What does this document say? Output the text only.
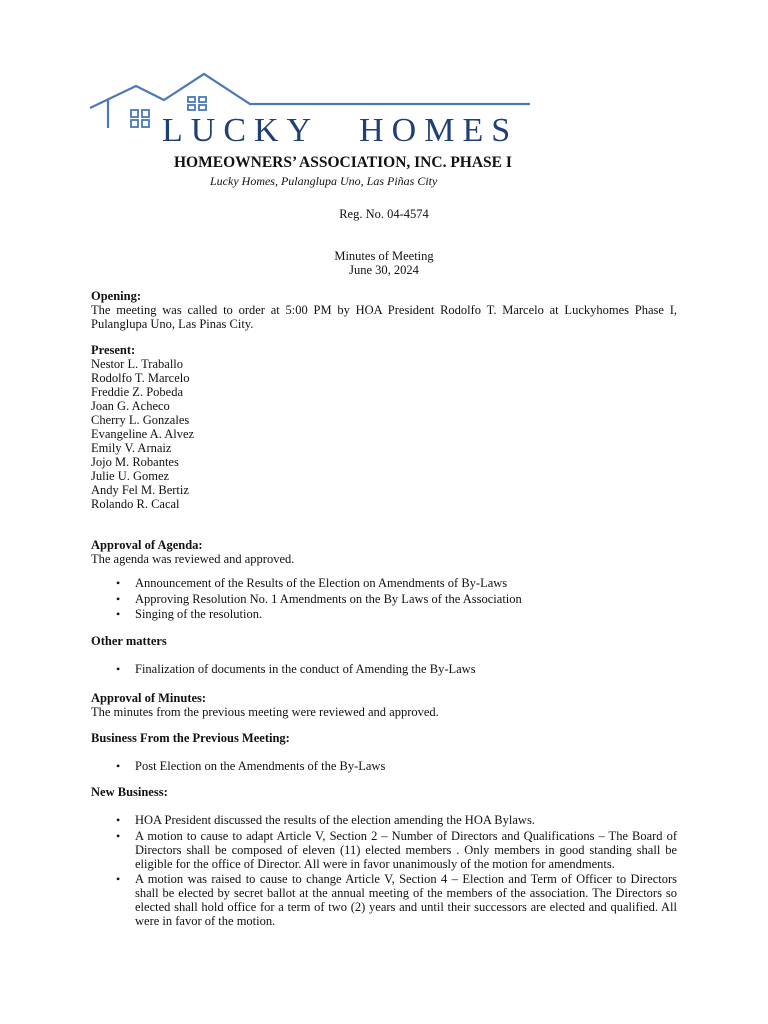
LUCKY HOMES
HOMEOWNERS’ ASSOCIATION, INC. PHASE I
Lucky Homes, Pulanglupa Uno, Las Piñas City
Reg. No. 04-4574
Minutes of Meeting
June 30, 2024
Opening:
The meeting was called to order at 5:00 PM by HOA President Rodolfo T. Marcelo at Luckyhomes Phase I, Pulanglupa Uno, Las Pinas City.
Present:
Nestor L. Traballo
Rodolfo T. Marcelo
Freddie Z. Pobeda
Joan G. Acheco
Cherry L. Gonzales
Evangeline A. Alvez
Emily V. Arnaiz
Jojo M. Robantes
Julie U. Gomez
Andy Fel M. Bertiz
Rolando R. Cacal
Approval of Agenda:
The agenda was reviewed and approved.
• Announcement of the Results of the Election on Amendments of By-Laws
• Approving Resolution No. 1 Amendments on the By Laws of the Association
• Singing of the resolution.
Other matters
• Finalization of documents in the conduct of Amending the By-Laws
Approval of Minutes:
The minutes from the previous meeting were reviewed and approved.
Business From the Previous Meeting:
• Post Election on the Amendments of the By-Laws
New Business:
• HOA President discussed the results of the election amending the HOA Bylaws.
• A motion to cause to adapt Article V, Section 2 – Number of Directors and Qualifications – The Board of Directors shall be composed of eleven (11) elected members . Only members in good standing shall be eligible for the office of Director. All were in favor unanimously of the motion for amendments.
• A motion was raised to cause to change Article V, Section 4 – Election and Term of Officer to Directors shall be elected by secret ballot at the annual meeting of the members of the association. The Directors so elected shall hold office for a term of two (2) years and until their successors are elected and qualified. All were in favor of the motion.
